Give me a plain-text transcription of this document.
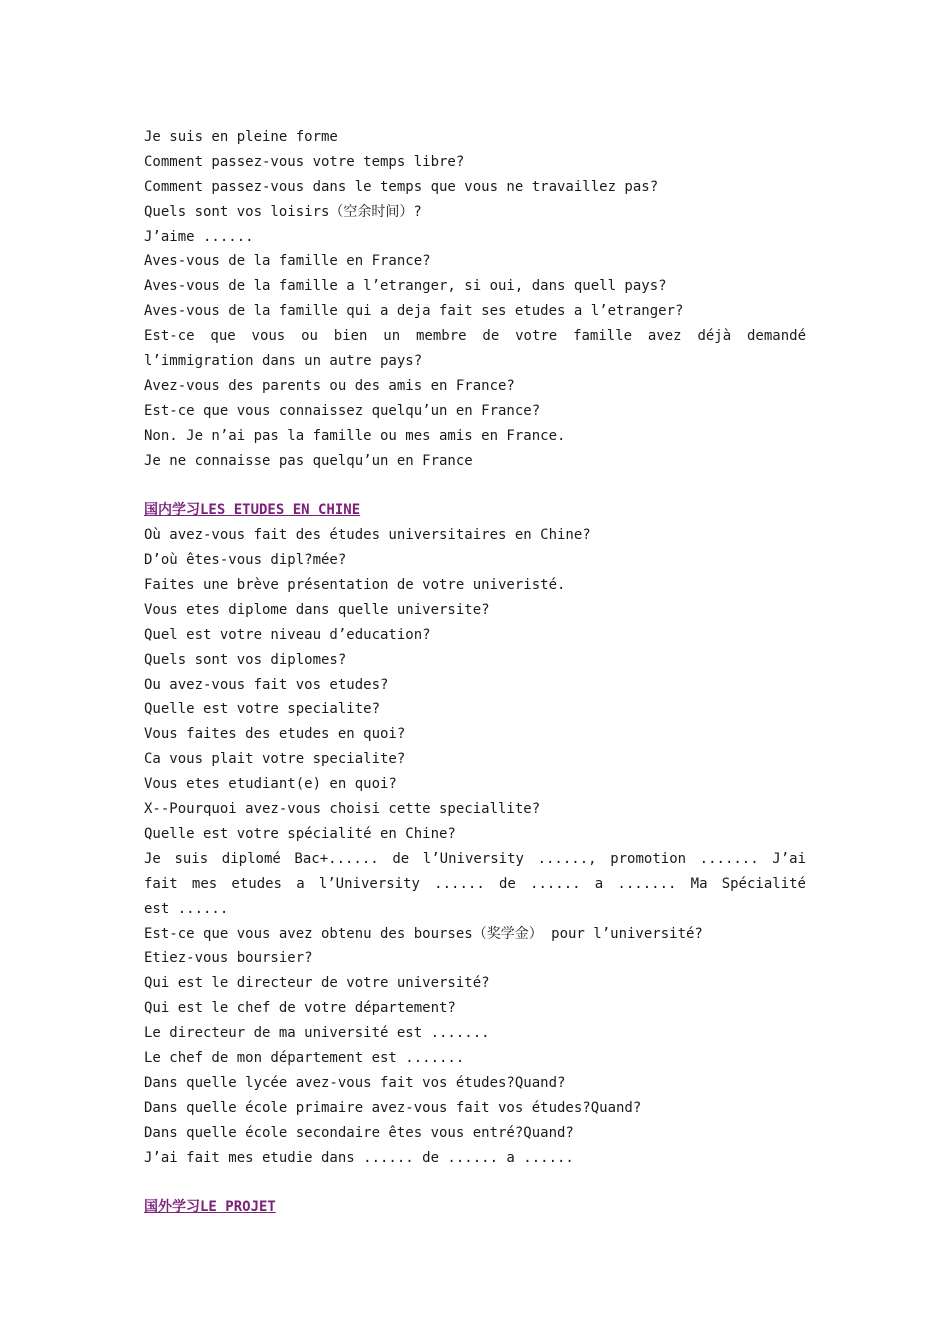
Je suis en pleine forme
Comment passez-vous votre temps libre?
Comment passez-vous dans le temps que vous ne travaillez pas?
Quels sont vos loisirs（空余时间）?
J’aime ......
Aves-vous de la famille en France?
Aves-vous de la famille a l’etranger, si oui, dans quell pays?
Aves-vous de la famille qui a deja fait ses etudes a l’etranger?
Est-ce que vous ou bien un membre de votre famille avez déjà demandé
l’immigration dans un autre pays?
Avez-vous des parents ou des amis en France?
Est-ce que vous connaissez quelqu’un en France?
Non. Je n’ai pas la famille ou mes amis en France.
Je ne connaisse pas quelqu’un en France
国内学习LES ETUDES EN CHINE
Où avez-vous fait des études universitaires en Chine?
D’où êtes-vous dipl?mée?
Faites une brève présentation de votre univeristé.
Vous etes diplome dans quelle universite?
Quel est votre niveau d’education?
Quels sont vos diplomes?
Ou avez-vous fait vos etudes?
Quelle est votre specialite?
Vous faites des etudes en quoi?
Ca vous plait votre specialite?
Vous etes etudiant(e) en quoi?
X--Pourquoi avez-vous choisi cette speciallite?
Quelle est votre spécialité en Chine?
Je suis diplomé Bac+...... de l’University ......, promotion ....... J’ai
fait mes etudes a l’University ...... de ...... a ....... Ma Spécialité
est ......
Est-ce que vous avez obtenu des bourses（奖学金） pour l’université?
Etiez-vous boursier?
Qui est le directeur de votre université?
Qui est le chef de votre département?
Le directeur de ma université est .......
Le chef de mon département est .......
Dans quelle lycée avez-vous fait vos études?Quand?
Dans quelle école primaire avez-vous fait vos études?Quand?
Dans quelle école secondaire êtes vous entré?Quand?
J’ai fait mes etudie dans ...... de ...... a ......
国外学习LE PROJET
